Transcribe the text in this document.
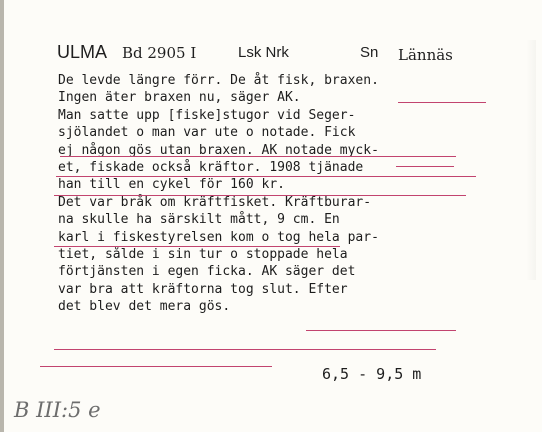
ULMA Bd 2905 I	Lsk Nrk	Sn Lännäs
De levde längre förr. De åt fisk, braxen.
Ingen äter braxen nu, säger AK.
Man satte upp [fiske]stugor vid Seger-
sjölandet o man var ute o notade. Fick
ej någon gös utan braxen. AK notade myck-
et, fiskade också kräftor. 1908 tjänade
han till en cykel för 160 kr.
Det var bråk om kräftfisket. Kräftburar-
na skulle ha särskilt mått, 9 cm. En
karl i fiskestyrelsen kom o tog hela par-
tiet, sålde i sin tur o stoppade hela
förtjänsten i egen ficka. AK säger det
var bra att kräftorna tog slut. Efter
det blev det mera gös.
6,5 - 9,5 m
B III:5 e
